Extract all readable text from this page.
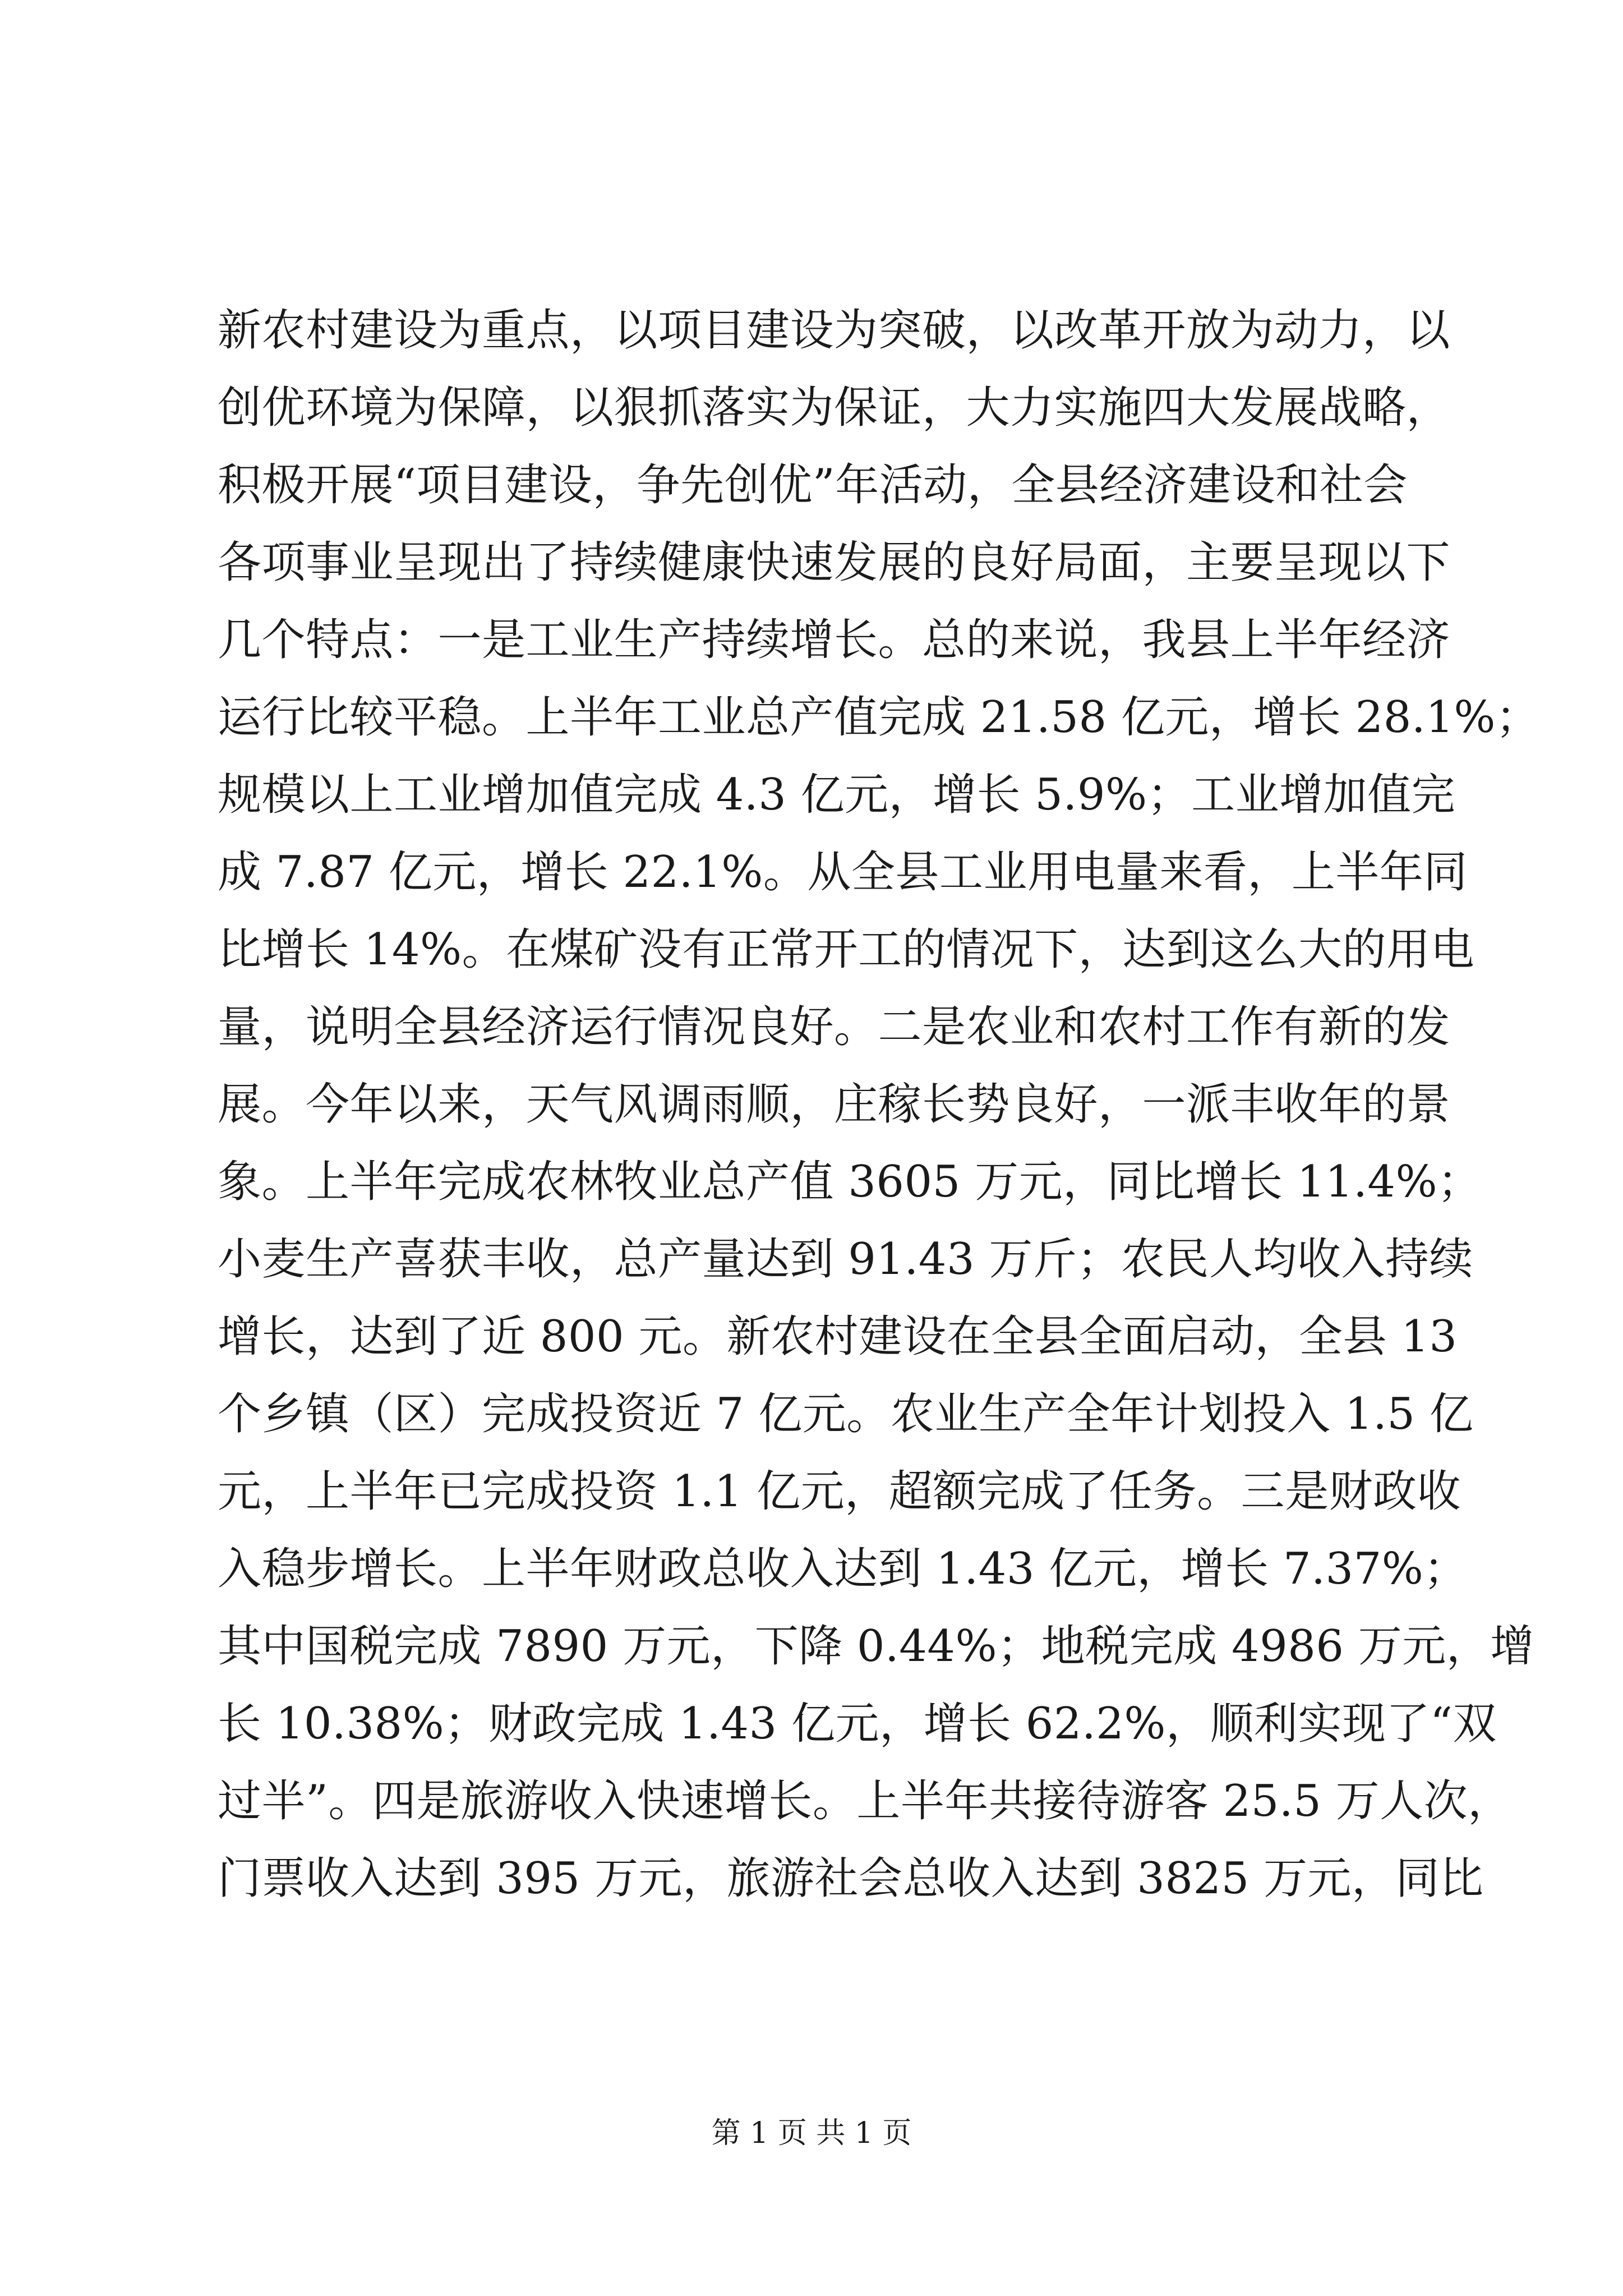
新农村建设为重点，以项目建设为突破，以改革开放为动力，以
创优环境为保障，以狠抓落实为保证，大力实施四大发展战略，
积极开展“项目建设，争先创优”年活动，全县经济建设和社会
各项事业呈现出了持续健康快速发展的良好局面，主要呈现以下
几个特点：一是工业生产持续增长。总的来说，我县上半年经济
运行比较平稳。上半年工业总产值完成 21.58 亿元，增长 28.1%；
规模以上工业增加值完成 4.3 亿元，增长 5.9%；工业增加值完
成 7.87 亿元，增长 22.1%。从全县工业用电量来看，上半年同
比增长 14%。在煤矿没有正常开工的情况下，达到这么大的用电
量，说明全县经济运行情况良好。二是农业和农村工作有新的发
展。今年以来，天气风调雨顺，庄稼长势良好，一派丰收年的景
象。上半年完成农林牧业总产值 3605 万元，同比增长 11.4%；
小麦生产喜获丰收，总产量达到 91.43 万斤；农民人均收入持续
增长，达到了近 800 元。新农村建设在全县全面启动，全县 13
个乡镇（区）完成投资近 7 亿元。农业生产全年计划投入 1.5 亿
元，上半年已完成投资 1.1 亿元，超额完成了任务。三是财政收
入稳步增长。上半年财政总收入达到 1.43 亿元，增长 7.37%；
其中国税完成 7890 万元，下降 0.44%；地税完成 4986 万元，增
长 10.38%；财政完成 1.43 亿元，增长 62.2%，顺利实现了“双
过半”。四是旅游收入快速增长。上半年共接待游客 25.5 万人次，
门票收入达到 395 万元，旅游社会总收入达到 3825 万元，同比
第 1 页 共 1 页
